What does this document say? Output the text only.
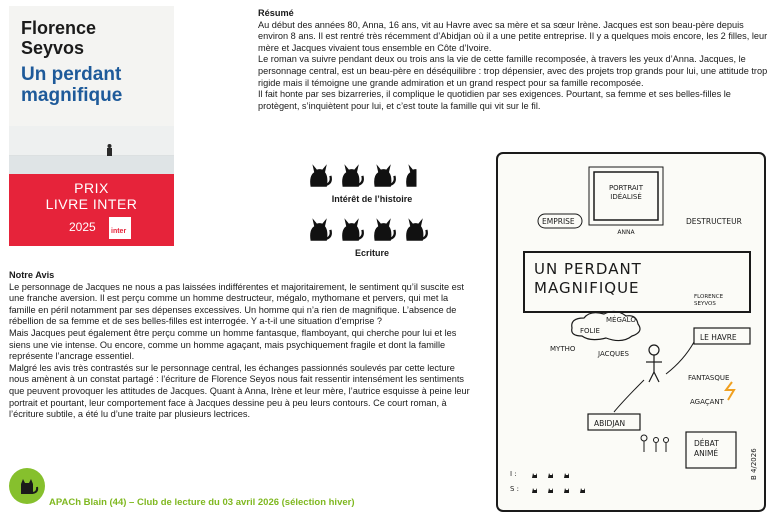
Florence
Seyvos
Un perdant
magnifique
PRIX
LIVRE INTER
2025 inter
Résumé

Au début des années 80, Anna, 16 ans, vit au Havre avec sa mère et sa sœur Irène. Jacques est son beau-père depuis environ 8 ans. Il est rentré très récemment d’Abidjan où il a une petite entreprise. Il y a quelques mois encore, les 2 filles, leur mère et Jacques vivaient tous ensemble en Côte d’Ivoire.

Le roman va suivre pendant deux ou trois ans la vie de cette famille recomposée, à travers les yeux d’Anna. Jacques, le personnage central, est un beau-père en déséquilibre : trop dépensier, avec des projets trop grands pour lui, une attitude trop rigide mais il témoigne une grande admiration et un grand respect pour sa famille recomposée.

Il fait honte par ses bizarreries, il complique le quotidien par ses exigences. Pourtant, sa femme et ses belles-filles le protègent, s’inquiètent pour lui, et c’est toute la famille qui vit sur le fil.

Intérêt de l’histoire
Ecriture
Notre Avis

Le personnage de Jacques ne nous a pas laissées indifférentes et majoritairement, le sentiment qu’il suscite est une franche aversion. Il est perçu comme un homme destructeur, mégalo, mythomane et pervers, qui met la famille en péril notamment par ses dépenses excessives. Un homme qui n’a rien de magnifique. L’absence de rébellion de sa femme et de ses belles-filles est interrogée. Y a-t-il une situation d’emprise ?

Mais Jacques peut également être perçu comme un homme fantasque, flamboyant, qui cherche pour lui et les siens une vie intense. Ou encore, comme un homme agaçant, mais psychiquement fragile et dont la famille représente l’ancrage essentiel.

Malgré les avis très contrastés sur le personnage central, les échanges passionnés soulevés par cette lecture nous amènent à un constat partagé : l’écriture de Florence Seyos nous fait ressentir intensément les sentiments que peuvent provoquer les attitudes de Jacques. Quant à Anna, Irène et leur mère, l’autrice esquisse à peine leur portrait et pourtant, leur comportement face à Jacques dessine peu à peu leurs contours. Ce court roman, à l’écriture subtile, a été lu d’une traite par plusieurs lectrices.

APACh Blain (44) – Club de lecture du 03 avril 2026 (sélection hiver)
PORTRAIT IDÉALISÉ
ANNA
EMPRISE	DESTRUCTEUR
UN PERDANT MAGNIFIQUE	FLORENCE SEYVOS
FOLIE
MÉGALO
MYTHO
JACQUES
LE HAVRE
FANTASQUE
AGAÇANT
ABIDJAN
DÉBAT ANIMÉ	B 4/2026
I :
S :
